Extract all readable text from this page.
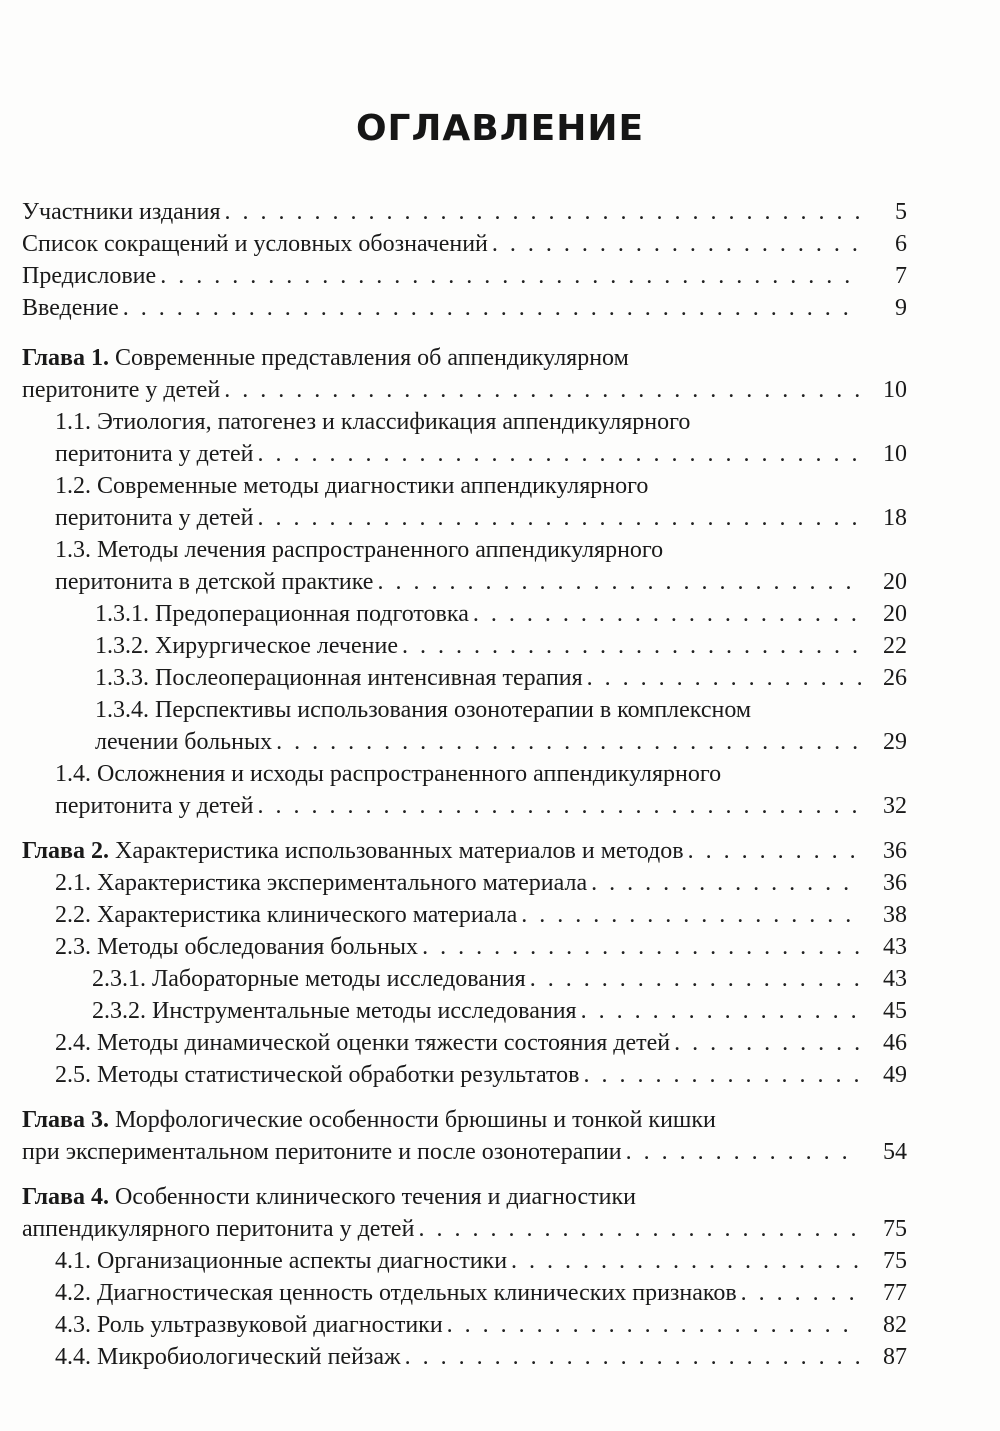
ОГЛАВЛЕНИЕ
Участники издания . . .	5
Список сокращений и условных обозначений . . .	6
Предисловие . . .	7
Введение . . .	9
Глава 1. Современные представления об аппендикулярном
перитоните у детей . . .	10
1.1. Этиология, патогенез и классификация аппендикулярного
перитонита у детей . . .	10
1.2. Современные методы диагностики аппендикулярного
перитонита у детей . . .	18
1.3. Методы лечения распространенного аппендикулярного
перитонита в детской практике . . .	20
1.3.1. Предоперационная подготовка . . .	20
1.3.2. Хирургическое лечение . . .	22
1.3.3. Послеоперационная интенсивная терапия . . .	26
1.3.4. Перспективы использования озонотерапии в комплексном
лечении больных . . .	29
1.4. Осложнения и исходы распространенного аппендикулярного
перитонита у детей . . .	32
Глава 2. Характеристика использованных материалов и методов . . .	36
2.1. Характеристика экспериментального материала . . .	36
2.2. Характеристика клинического материала . . .	38
2.3. Методы обследования больных . . .	43
2.3.1. Лабораторные методы исследования . . .	43
2.3.2. Инструментальные методы исследования . . .	45
2.4. Методы динамической оценки тяжести состояния детей . . .	46
2.5. Методы статистической обработки результатов . . .	49
Глава 3. Морфологические особенности брюшины и тонкой кишки
при экспериментальном перитоните и после озонотерапии . . .	54
Глава 4. Особенности клинического течения и диагностики
аппендикулярного перитонита у детей . . .	75
4.1. Организационные аспекты диагностики . . .	75
4.2. Диагностическая ценность отдельных клинических признаков . . .	77
4.3. Роль ультразвуковой диагностики . . .	82
4.4. Микробиологический пейзаж . . .	87
